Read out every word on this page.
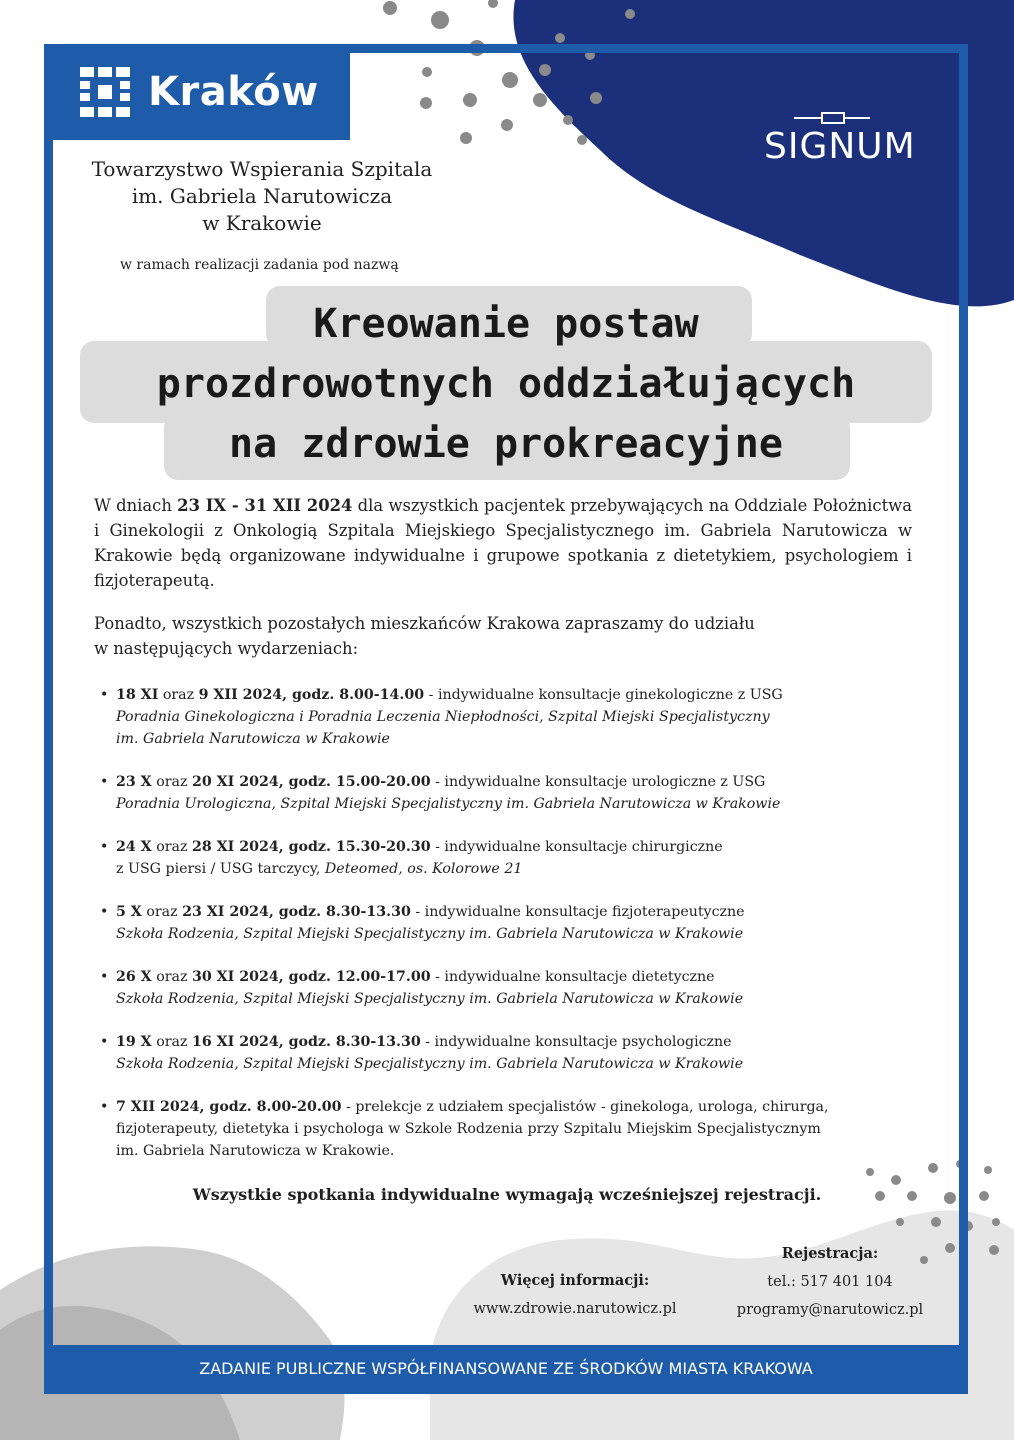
Kraków
SIGNUM
Towarzystwo Wspierania Szpitala
im. Gabriela Narutowicza
w Krakowie
w ramach realizacji zadania pod nazwą
Kreowanie postaw
prozdrowotnych oddziałujących
na zdrowie prokreacyjne
W dniach 23 IX - 31 XII 2024 dla wszystkich pacjentek przebywających na Oddziale Położnictwa i Ginekologii z Onkologią Szpitala Miejskiego Specjalistycznego im. Gabriela Narutowicza w Krakowie będą organizowane indywidualne i grupowe spotkania z dietetykiem, psychologiem i fizjoterapeutą.
Ponadto, wszystkich pozostałych mieszkańców Krakowa zapraszamy do udziału
w następujących wydarzeniach:
• 18 XI oraz 9 XII 2024, godz. 8.00-14.00 - indywidualne konsultacje ginekologiczne z USG
Poradnia Ginekologiczna i Poradnia Leczenia Niepłodności, Szpital Miejski Specjalistyczny
im. Gabriela Narutowicza w Krakowie
• 23 X oraz 20 XI 2024, godz. 15.00-20.00 - indywidualne konsultacje urologiczne z USG
Poradnia Urologiczna, Szpital Miejski Specjalistyczny im. Gabriela Narutowicza w Krakowie
• 24 X oraz 28 XI 2024, godz. 15.30-20.30 - indywidualne konsultacje chirurgiczne
z USG piersi / USG tarczycy, Deteomed, os. Kolorowe 21
• 5 X oraz 23 XI 2024, godz. 8.30-13.30 - indywidualne konsultacje fizjoterapeutyczne
Szkoła Rodzenia, Szpital Miejski Specjalistyczny im. Gabriela Narutowicza w Krakowie
• 26 X oraz 30 XI 2024, godz. 12.00-17.00 - indywidualne konsultacje dietetyczne
Szkoła Rodzenia, Szpital Miejski Specjalistyczny im. Gabriela Narutowicza w Krakowie
• 19 X oraz 16 XI 2024, godz. 8.30-13.30 - indywidualne konsultacje psychologiczne
Szkoła Rodzenia, Szpital Miejski Specjalistyczny im. Gabriela Narutowicza w Krakowie
• 7 XII 2024, godz. 8.00-20.00 - prelekcje z udziałem specjalistów - ginekologa, urologa, chirurga,
fizjoterapeuty, dietetyka i psychologa w Szkole Rodzenia przy Szpitalu Miejskim Specjalistycznym
im. Gabriela Narutowicza w Krakowie.
Wszystkie spotkania indywidualne wymagają wcześniejszej rejestracji.
Więcej informacji:
www.zdrowie.narutowicz.pl
Rejestracja:
tel.: 517 401 104
programy@narutowicz.pl
ZADANIE PUBLICZNE WSPÓŁFINANSOWANE ZE ŚRODKÓW MIASTA KRAKOWA
